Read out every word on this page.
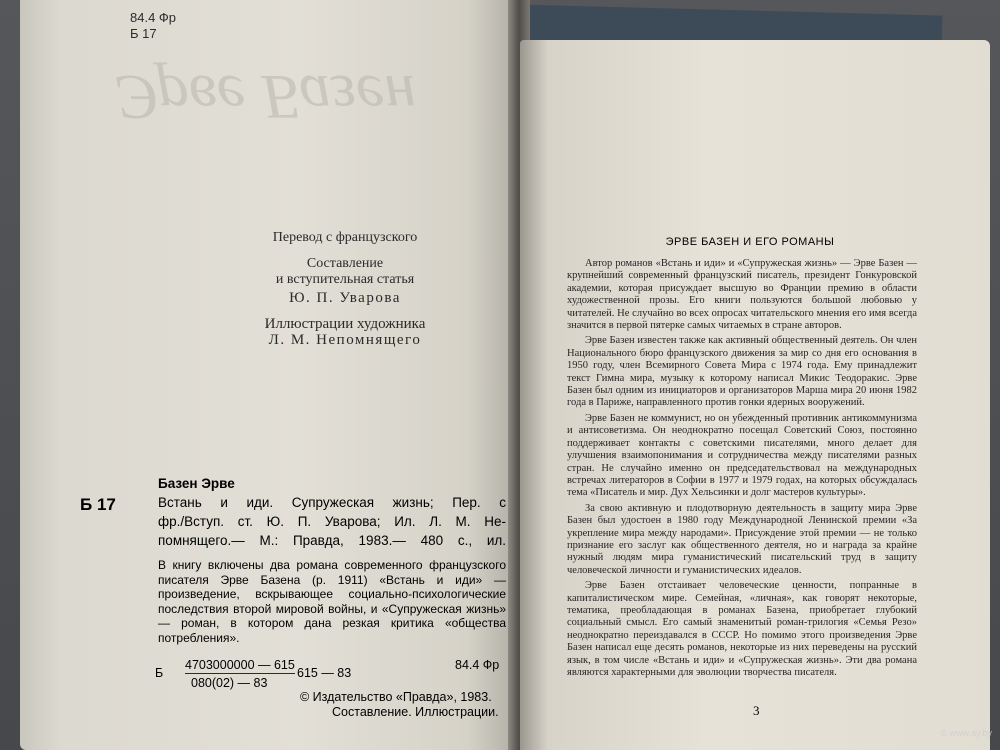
Эрве Базен
84.4 Фр
Б 17

Перевод с французского

Составление

и вступительная статья

Ю. П. Уварова

Иллюстрации художника

Л. М. Непомнящего

Б 17
Базен Эрве
Встань и иди. Супружеская жизнь; Пер. с
фр./Вступ. ст. Ю. П. Уварова; Ил. Л. М. Не-
помнящего.— М.: Правда, 1983.— 480 с., ил.
В книгу включены два романа современного французского писателя Эрве Базена (р. 1911) «Встань и иди» — произведение, вскрывающее социально-психологические последствия второй мировой войны, и «Супружеская жизнь» — роман, в котором дана резкая критика «общества потребления».
Б
4703000000 — 615
080(02) — 83
615 — 83
84.4 Фр
© Издательство «Правда», 1983.
Составление. Иллюстрации.
ЭРВЕ БАЗЕН И ЕГО РОМАНЫ

Автор романов «Встань и иди» и «Супружеская жизнь» — Эрве Базен — крупнейший современный французский писатель, президент Гонкуровской академии, которая присуждает высшую во Франции премию в области художественной прозы. Его книги пользуются большой любовью у читателей. Не случайно во всех опросах читательского мнения его имя всегда значится в первой пятерке самых читаемых в стране авторов.

Эрве Базен известен также как активный общественный деятель. Он член Национального бюро французского движения за мир со дня его основания в 1950 году, член Всемирного Совета Мира с 1974 года. Ему принадлежит текст Гимна мира, музыку к которому написал Микис Теодоракис. Эрве Базен был одним из инициаторов и организаторов Марша мира 20 июня 1982 года в Париже, направленного против гонки ядерных вооружений.

Эрве Базен не коммунист, но он убежденный противник антикоммунизма и антисоветизма. Он неоднократно посещал Советский Союз, постоянно поддерживает контакты с советскими писателями, много делает для улучшения взаимопонимания и сотрудничества между писателями разных стран. Не случайно именно он председательствовал на международных встречах литераторов в Софии в 1977 и 1979 годах, на которых обсуждалась тема «Писатель и мир. Дух Хельсинки и долг мастеров культуры».

За свою активную и плодотворную деятельность в защиту мира Эрве Базен был удостоен в 1980 году Международной Ленинской премии «За укрепление мира между народами». Присуждение этой премии — не только признание его заслуг как общественного деятеля, но и награда за крайне нужный людям мира гуманистический писательский труд в защиту человеческой личности и гуманистических идеалов.

Эрве Базен отстаивает человеческие ценности, попранные в капиталистическом мире. Семейная, «личная», как говорят некоторые, тематика, преобладающая в романах Базена, приобретает глубокий социальный смысл. Его самый знаменитый роман-трилогия «Семья Резо» неоднократно переиздавался в СССР. Но помимо этого произведения Эрве Базен написал еще десять романов, некоторые из них переведены на русский язык, в том числе «Встань и иди» и «Супружеская жизнь». Эти два романа являются характерными для эволюции творчества писателя.

3
© www.ay.by
